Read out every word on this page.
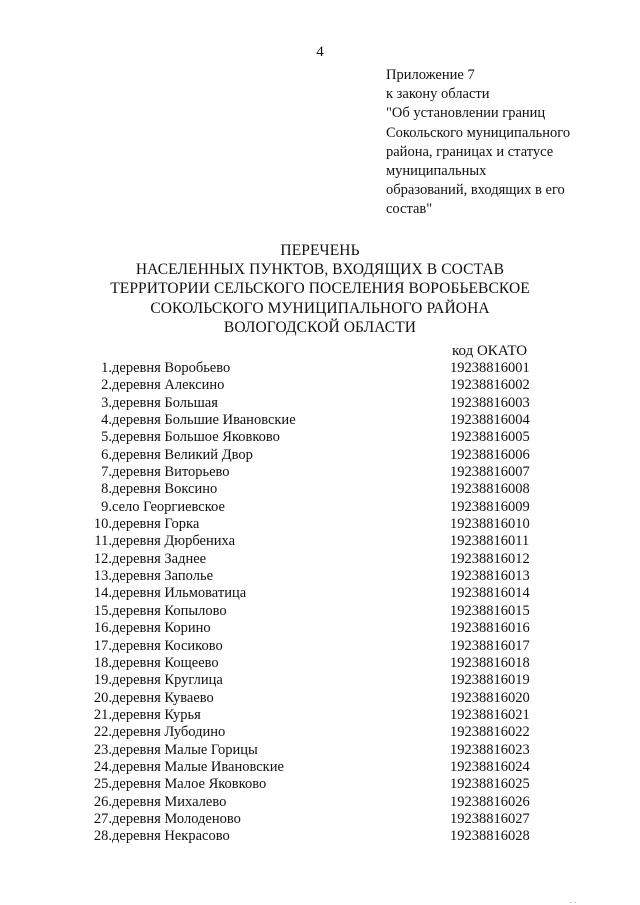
4
Приложение 7
к закону области
"Об установлении границ
Сокольского муниципального
района, границах и статусе
муниципальных
образований, входящих в его
состав"
ПЕРЕЧЕНЬ
НАСЕЛЕННЫХ ПУНКТОВ, ВХОДЯЩИХ В СОСТАВ
ТЕРРИТОРИИ СЕЛЬСКОГО ПОСЕЛЕНИЯ ВОРОБЬЕВСКОЕ
СОКОЛЬСКОГО МУНИЦИПАЛЬНОГО РАЙОНА
ВОЛОГОДСКОЙ ОБЛАСТИ
код ОКАТО
1. деревня Воробьево	19238816001
2. деревня Алексино	19238816002
3. деревня Большая	19238816003
4. деревня Большие Ивановские	19238816004
5. деревня Большое Яковково	19238816005
6. деревня Великий Двор	19238816006
7. деревня Виторьево	19238816007
8. деревня Воксино	19238816008
9. село Георгиевское	19238816009
10. деревня Горка	19238816010
11. деревня Дюрбениха	19238816011
12. деревня Заднее	19238816012
13. деревня Заполье	19238816013
14. деревня Ильмоватица	19238816014
15. деревня Копылово	19238816015
16. деревня Корино	19238816016
17. деревня Косиково	19238816017
18. деревня Кощеево	19238816018
19. деревня Круглица	19238816019
20. деревня Куваево	19238816020
21. деревня Курья	19238816021
22. деревня Лубодино	19238816022
23. деревня Малые Горицы	19238816023
24. деревня Малые Ивановские	19238816024
25. деревня Малое Яковково	19238816025
26. деревня Михалево	19238816026
27. деревня Молоденово	19238816027
28. деревня Некрасово	19238816028
. .
